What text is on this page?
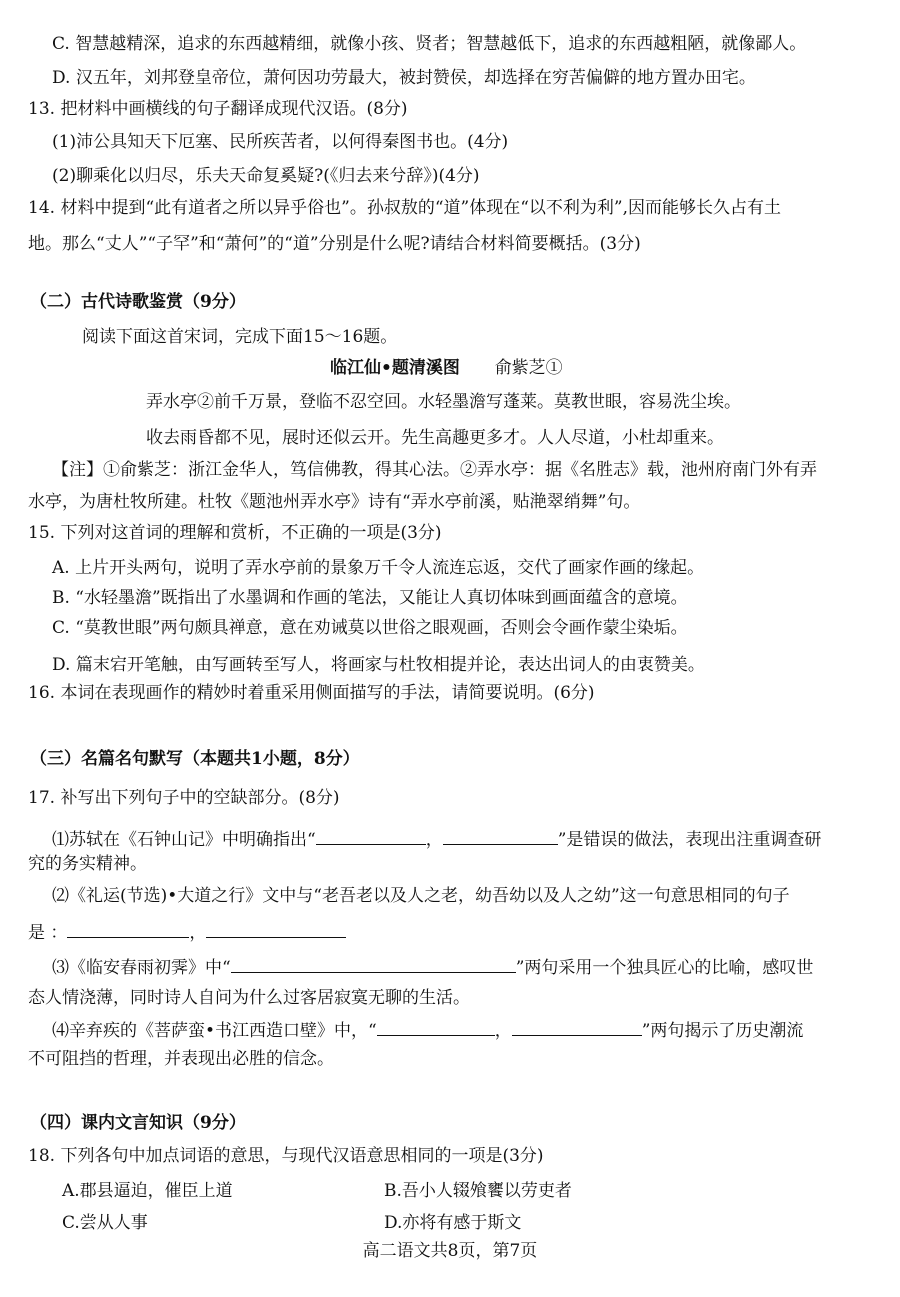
C. 智慧越精深，追求的东西越精细，就像小孩、贤者；智慧越低下，追求的东西越粗陋，就像鄙人。
D. 汉五年，刘邦登皇帝位，萧何因功劳最大，被封赞侯，却选择在穷苦偏僻的地方置办田宅。
13. 把材料中画横线的句子翻译成现代汉语。(8分)
(1)沛公具知天下厄塞、民所疾苦者，以何得秦图书也。(4分)
(2)聊乘化以归尽，乐夫天命复奚疑?(《归去来兮辞》)(4分)
14. 材料中提到“此有道者之所以异乎俗也”。孙叔敖的“道”体现在“以不利为利”,因而能够长久占有土
地。那么“丈人”“子罕”和“萧何”的“道”分别是什么呢?请结合材料简要概括。(3分)
（二）古代诗歌鉴赏（9分）
阅读下面这首宋词，完成下面15～16题。
临江仙•题清溪图 俞紫芝①
弄水亭②前千万景，登临不忍空回。水轻墨澹写蓬莱。莫教世眼，容易洗尘埃。
收去雨昏都不见，展时还似云开。先生高趣更多才。人人尽道，小杜却重来。
【注】①俞紫芝：浙江金华人，笃信佛教，得其心法。②弄水亭：据《名胜志》载，池州府南门外有弄
水亭，为唐杜牧所建。杜牧《题池州弄水亭》诗有“弄水亭前溪，贴滟翠绡舞”句。
15. 下列对这首词的理解和赏析，不正确的一项是(3分)
A. 上片开头两句，说明了弄水亭前的景象万千令人流连忘返，交代了画家作画的缘起。
B. “水轻墨澹”既指出了水墨调和作画的笔法，又能让人真切体味到画面蕴含的意境。
C. “莫教世眼”两句颇具禅意，意在劝诫莫以世俗之眼观画，否则会令画作蒙尘染垢。
D. 篇末宕开笔触，由写画转至写人，将画家与杜牧相提并论，表达出词人的由衷赞美。
16. 本词在表现画作的精妙时着重采用侧面描写的手法，请简要说明。(6分)
（三）名篇名句默写（本题共1小题，8分）
17. 补写出下列句子中的空缺部分。(8分)
⑴苏轼在《石钟山记》中明确指出“	，	”是错误的做法，表现出注重调查研
究的务实精神。
⑵《礼运(节选)•大道之行》文中与“老吾老以及人之老，幼吾幼以及人之幼”这一句意思相同的句子
是 ：	，
⑶《临安春雨初霁》中“	”两句采用一个独具匠心的比喻，感叹世
态人情浇薄，同时诗人自问为什么过客居寂寞无聊的生活。
⑷辛弃疾的《菩萨蛮•书江西造口壁》中，“	，	”两句揭示了历史潮流
不可阻挡的哲理，并表现出必胜的信念。
（四）课内文言知识（9分）
18. 下列各句中加点词语的意思，与现代汉语意思相同的一项是(3分)
A.郡县逼迫，催臣上道	B.吾小人辍飧饔以劳吏者
C.尝从人事	D.亦将有感于斯文
高二语文共8页，第7页
